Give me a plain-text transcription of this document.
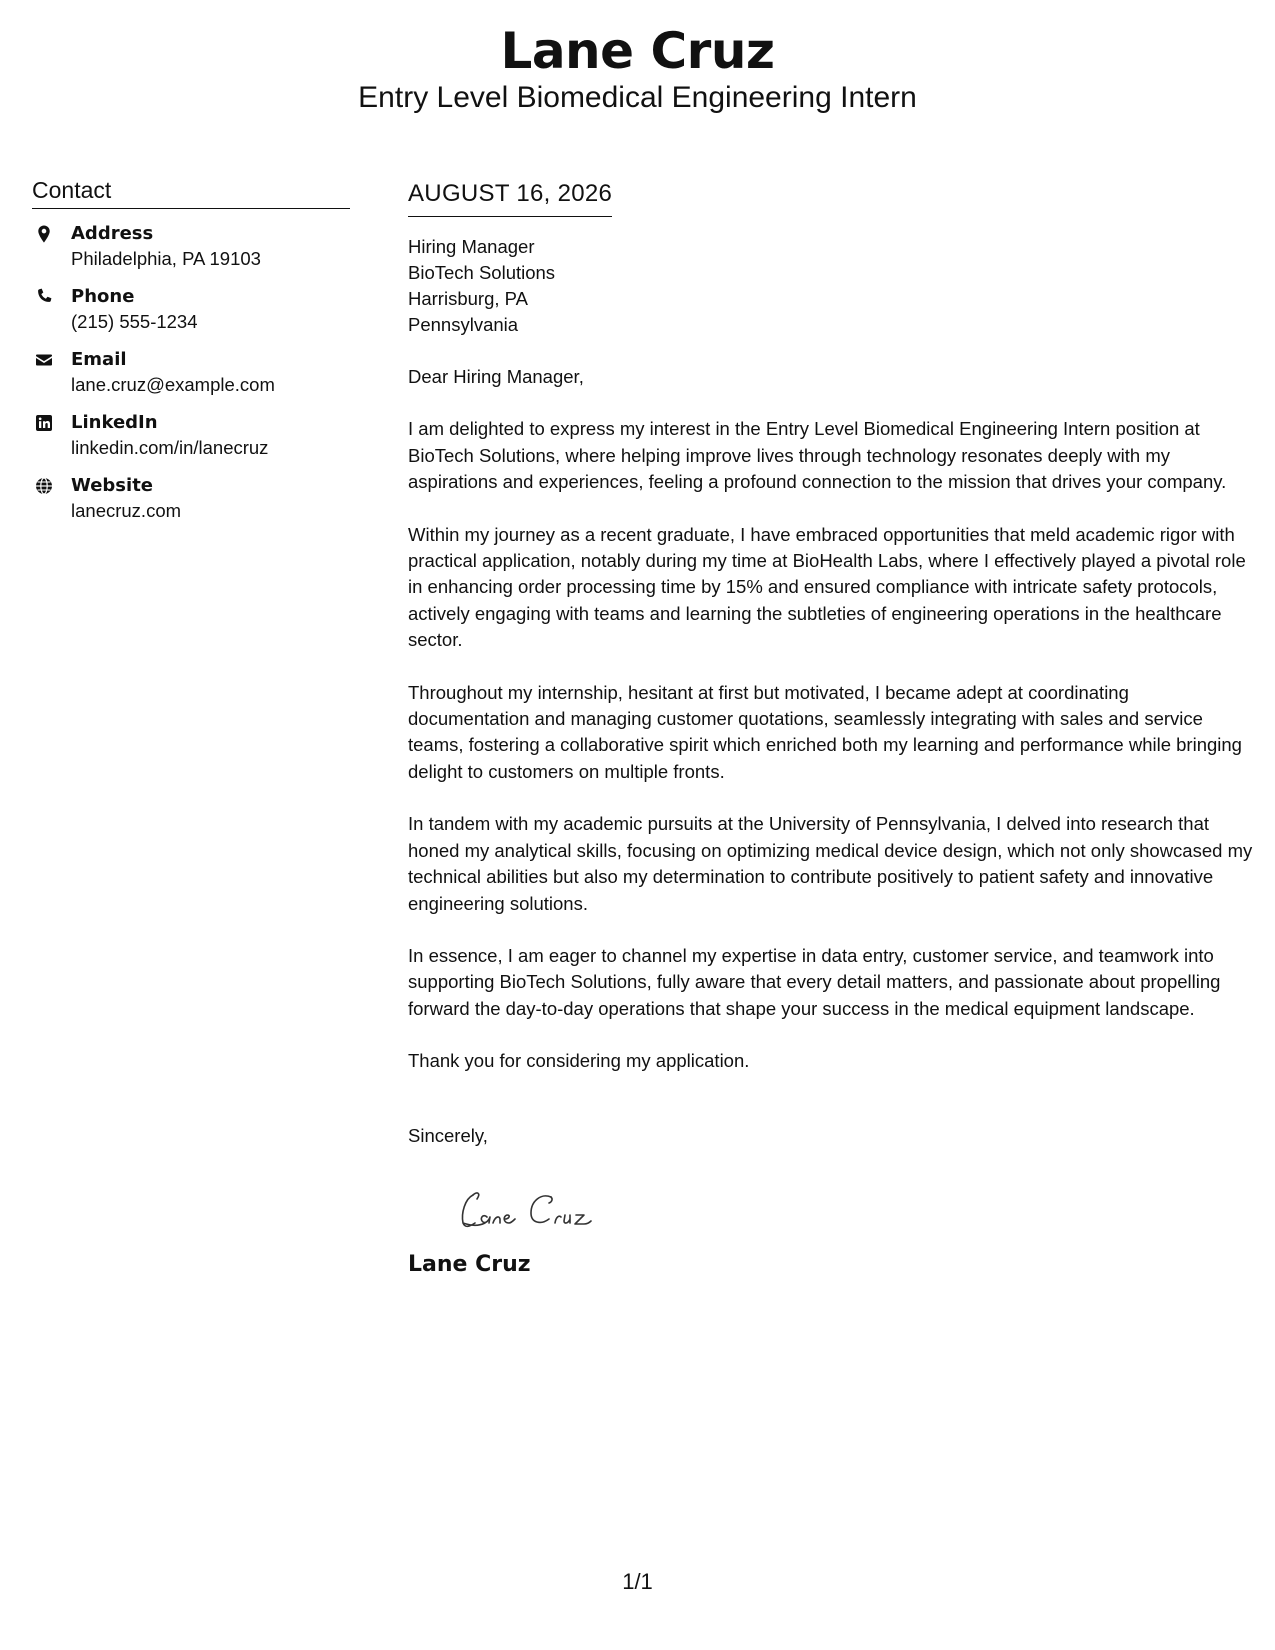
Lane Cruz
Entry Level Biomedical Engineering Intern
Contact
Address
Philadelphia, PA 19103
Phone
(215) 555-1234
Email
lane.cruz@example.com
LinkedIn
linkedin.com/in/lanecruz
Website
lanecruz.com
AUGUST 16, 2026
Hiring Manager
BioTech Solutions
Harrisburg, PA
Pennsylvania
Dear Hiring Manager,
I am delighted to express my interest in the Entry Level Biomedical Engineering Intern position at BioTech Solutions, where helping improve lives through technology resonates deeply with my aspirations and experiences, feeling a profound connection to the mission that drives your company.
Within my journey as a recent graduate, I have embraced opportunities that meld academic rigor with practical application, notably during my time at BioHealth Labs, where I effectively played a pivotal role in enhancing order processing time by 15% and ensured compliance with intricate safety protocols, actively engaging with teams and learning the subtleties of engineering operations in the healthcare sector.
Throughout my internship, hesitant at first but motivated, I became adept at coordinating documentation and managing customer quotations, seamlessly integrating with sales and service teams, fostering a collaborative spirit which enriched both my learning and performance while bringing delight to customers on multiple fronts.
In tandem with my academic pursuits at the University of Pennsylvania, I delved into research that honed my analytical skills, focusing on optimizing medical device design, which not only showcased my technical abilities but also my determination to contribute positively to patient safety and innovative engineering solutions.
In essence, I am eager to channel my expertise in data entry, customer service, and teamwork into supporting BioTech Solutions, fully aware that every detail matters, and passionate about propelling forward the day-to-day operations that shape your success in the medical equipment landscape.
Thank you for considering my application.
Sincerely,
Lane Cruz
1/1
